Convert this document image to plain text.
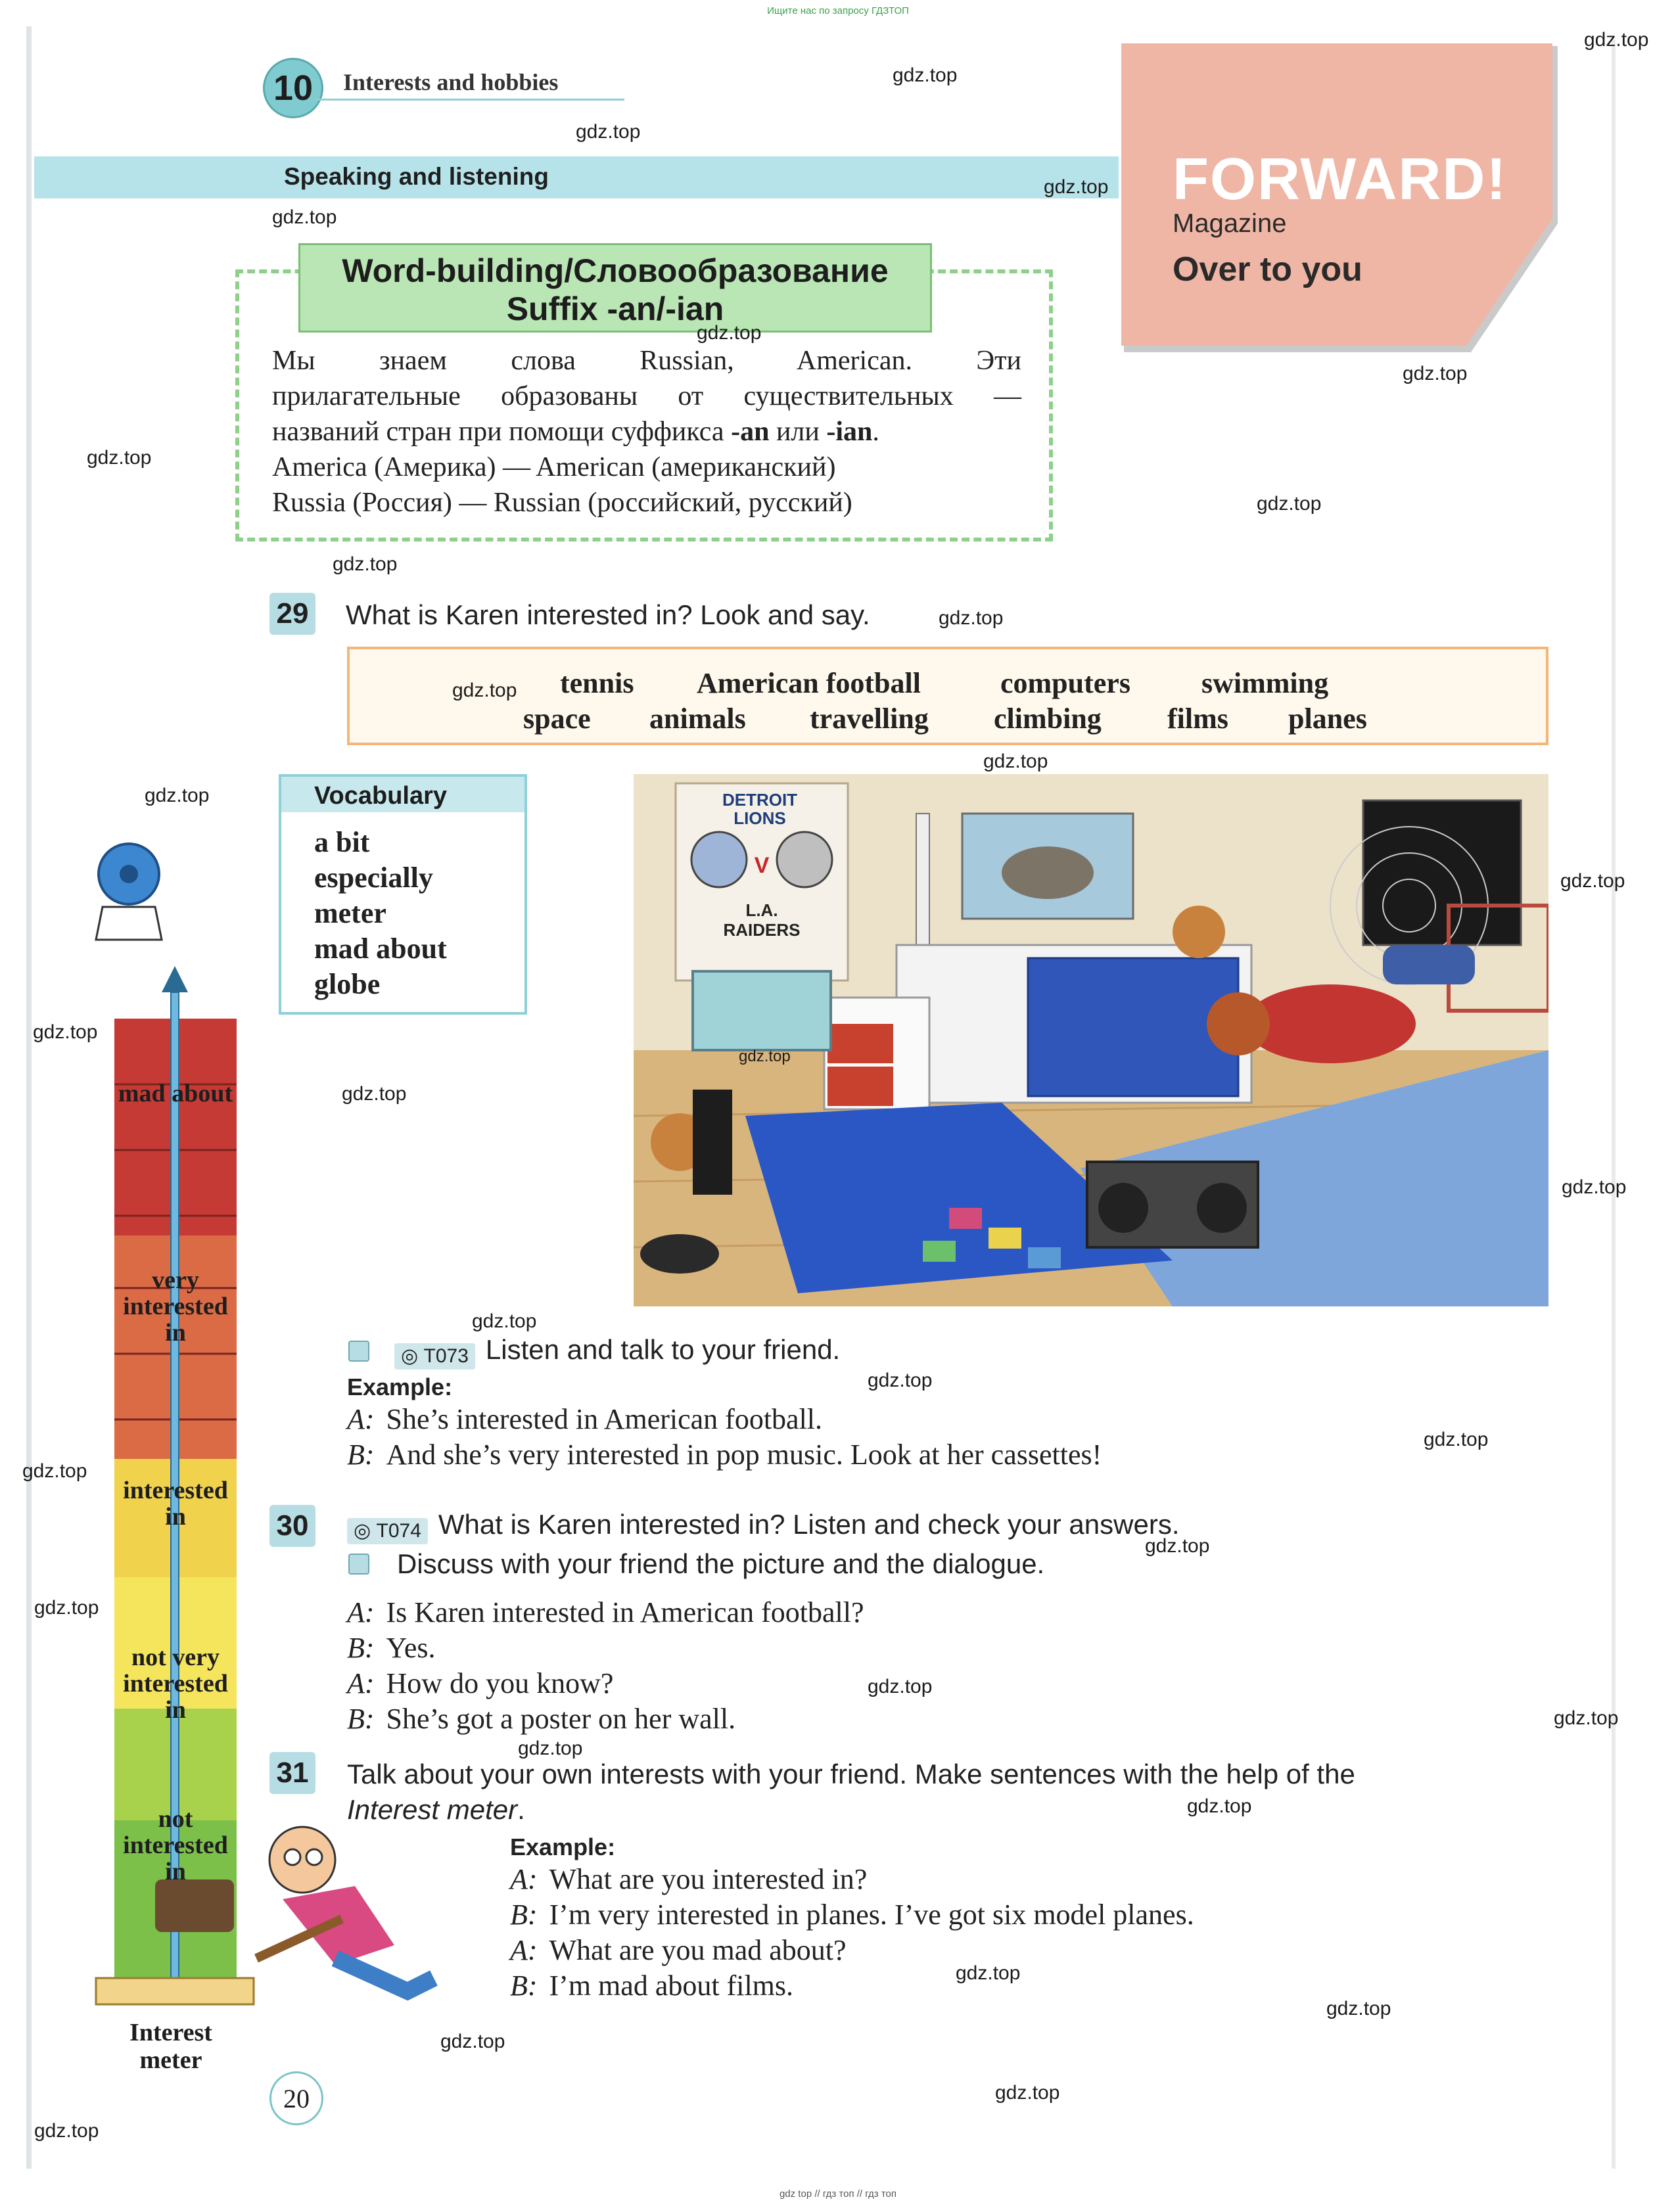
Ищите нас по запросу ГДЗТОП
10	Interests and hobbies
Speaking and listening	FORWARD!
Magazine
Over to you
Word-building/Словообразование
Suffix -an/-ian
Мы знаем слова Russian, American. Эти
прилагательные образованы от существительных —
названий стран при помощи суффикса -an или -ian.
America (Америка) — American (американский)
Russia (Россия) — Russian (российский, русский)
29 What is Karen interested in? Look and say.
tennis American football	computers swimming
space animals travelling climbing films planes
Vocabulary
a bit
especially
meter
mad about
globe
DETROIT
LIONS
V
L.A.
RAIDERS
mad about
very interested in
interested in
not very interested in
not interested in
Interest
meter
◎ T073 Listen and talk to your friend.
Example:
A: She’s interested in American football.
B: And she’s very interested in pop music. Look at her cassettes!
30	◎ T074 What is Karen interested in? Listen and check your answers.
Discuss with your friend the picture and the dialogue.
A: Is Karen interested in American football?
B: Yes.
A: How do you know?
B: She’s got a poster on her wall.
31 Talk about your own interests with your friend. Make sentences with the help of the
Interest meter.
Example:
A: What are you interested in?
B: I’m very interested in planes. I’ve got six model planes.
A: What are you mad about?
B: I’m mad about films.
20
gdz top // гдз топ // гдз топ
gdz.top
gdz.top
gdz.top
gdz.top
gdz.top
gdz.top
gdz.top
gdz.top
gdz.top
gdz.top
gdz.top
gdz.top
gdz.top
gdz.top
gdz.top
gdz.top
gdz.top
gdz.top
gdz.top
gdz.top
gdz.top
gdz.top
gdz.top
gdz.top
gdz.top
gdz.top
gdz.top
gdz.top
gdz.top
gdz.top
gdz.top
gdz.top
gdz.top
gdz.top
